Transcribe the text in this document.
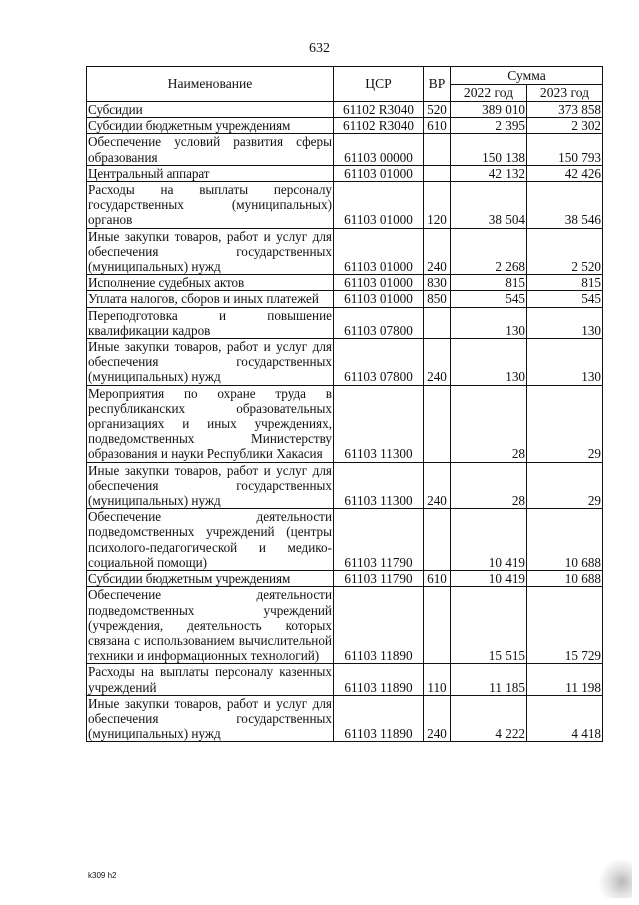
632
Наименование	ЦСР	ВР	Сумма	
			2022 год	2023 год
Субсидии	61102 R3040	520	389 010	373 858
Субсидии бюджетным учреждениям	61102 R3040	610	2 395	2 302
Обеспечение условий развития сферы образования	61103 00000		150 138	150 793
Центральный аппарат	61103 01000		42 132	42 426
Расходы на выплаты персоналу государственных (муниципальных) органов	61103 01000	120	38 504	38 546
Иные закупки товаров, работ и услуг для обеспечения государственных (муниципальных) нужд	61103 01000	240	2 268	2 520
Исполнение судебных актов	61103 01000	830	815	815
Уплата налогов, сборов и иных платежей	61103 01000	850	545	545
Переподготовка и повышение квалификации кадров	61103 07800		130	130
Иные закупки товаров, работ и услуг для обеспечения государственных (муниципальных) нужд	61103 07800	240	130	130
Мероприятия по охране труда в республиканских образовательных организациях и иных учреждениях, подведомственных Министерству образования и науки Республики Хакасия	61103 11300		28	29
Иные закупки товаров, работ и услуг для обеспечения государственных (муниципальных) нужд	61103 11300	240	28	29
Обеспечение деятельности подведомственных учреждений (центры психолого-педагогической и медико-социальной помощи)	61103 11790		10 419	10 688
Субсидии бюджетным учреждениям	61103 11790	610	10 419	10 688
Обеспечение деятельности подведомственных учреждений (учреждения, деятельность которых связана с использованием вычислительной техники и информационных технологий)	61103 11890		15 515	15 729
Расходы на выплаты персоналу казенных учреждений	61103 11890	110	11 185	11 198
Иные закупки товаров, работ и услуг для обеспечения государственных (муниципальных) нужд	61103 11890	240	4 222	4 418
k309 h2
